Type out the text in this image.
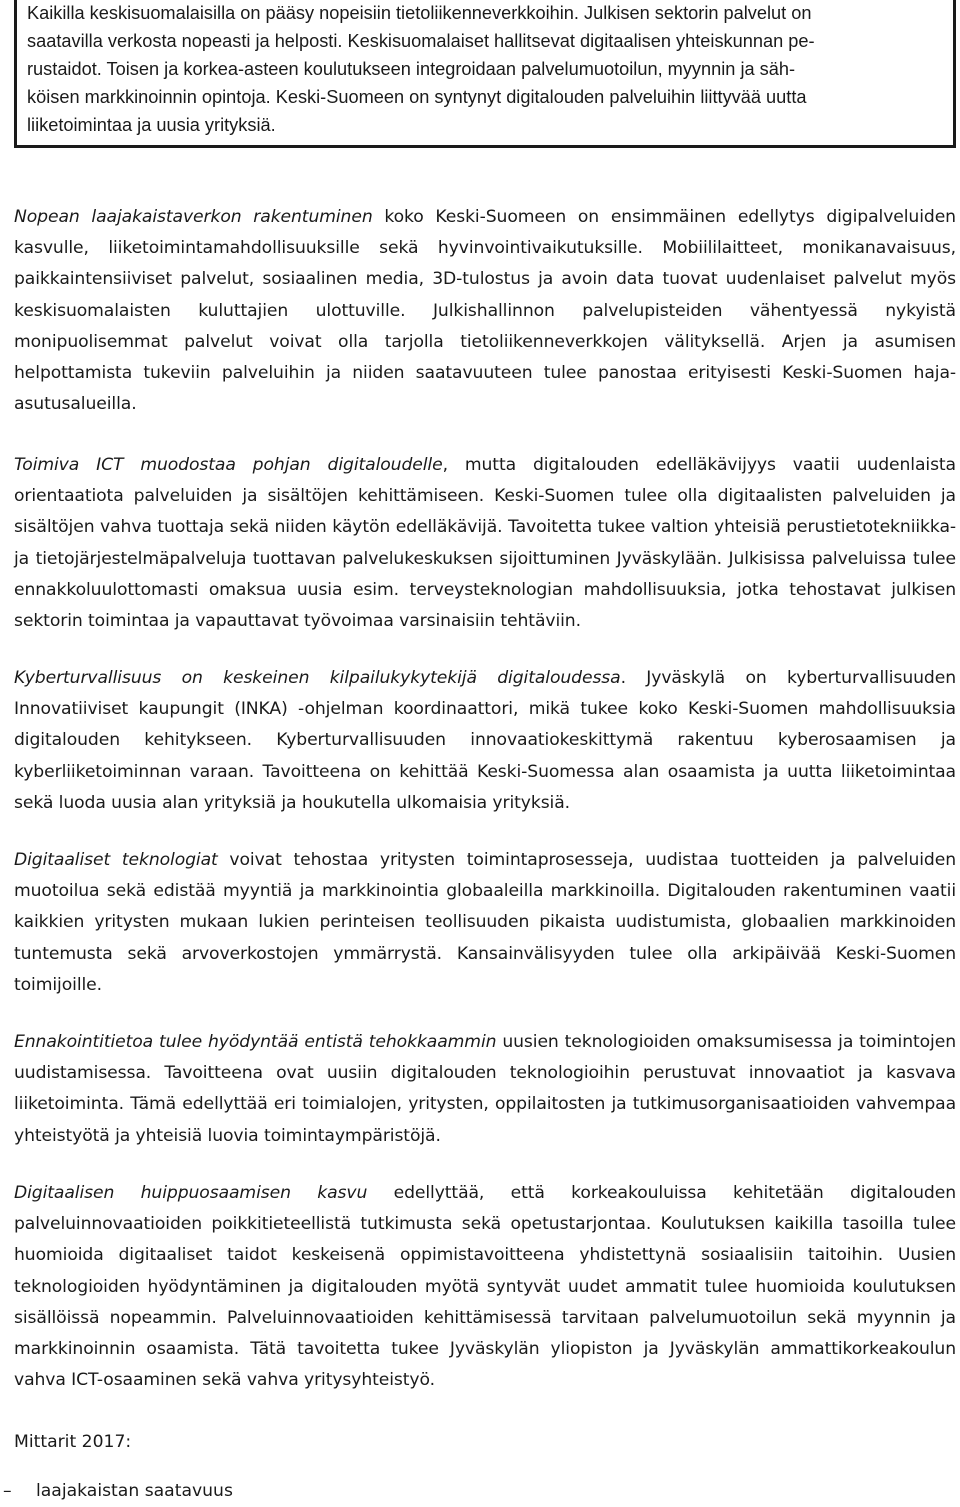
Kaikilla keskisuomalaisilla on pääsy nopeisiin tietoliikenneverkkoihin. Julkisen sektorin palvelut on
saatavilla verkosta nopeasti ja helposti. Keskisuomalaiset hallitsevat digitaalisen yhteiskunnan pe-
rustaidot. Toisen ja korkea-asteen koulutukseen integroidaan palvelumuotoilun, myynnin ja säh-
köisen markkinoinnin opintoja. Keski-Suomeen on syntynyt digitalouden palveluihin liittyvää uutta
liiketoimintaa ja uusia yrityksiä.
Nopean laajakaistaverkon rakentuminen koko Keski-Suomeen on ensimmäinen edellytys digipalveluiden kasvulle, liiketoimintamahdollisuuksille sekä hyvinvointivaikutuksille. Mobiililaitteet, monikanavaisuus, paikkaintensiiviset palvelut, sosiaalinen media, 3D-tulostus ja avoin data tuovat uudenlaiset palvelut myös keskisuomalaisten kuluttajien ulottuville. Julkishallinnon palvelupisteiden vähentyessä nykyistä monipuolisemmat palvelut voivat olla tarjolla tietoliikenneverkkojen välityksellä. Arjen ja asumisen helpottamista tukeviin palveluihin ja niiden saatavuuteen tulee panostaa erityisesti Keski-Suomen haja-asutusalueilla.
Toimiva ICT muodostaa pohjan digitaloudelle, mutta digitalouden edelläkävijyys vaatii uudenlaista orientaatiota palveluiden ja sisältöjen kehittämiseen. Keski-Suomen tulee olla digitaalisten palveluiden ja sisältöjen vahva tuottaja sekä niiden käytön edelläkävijä. Tavoitetta tukee valtion yhteisiä perustietotekniikka- ja tietojärjestelmäpalveluja tuottavan palvelukeskuksen sijoittuminen Jyväskylään. Julkisissa palveluissa tulee ennakkoluulottomasti omaksua uusia esim. terveysteknologian mahdollisuuksia, jotka tehostavat julkisen sektorin toimintaa ja vapauttavat työvoimaa varsinaisiin tehtäviin.
Kyberturvallisuus on keskeinen kilpailukykytekijä digitaloudessa. Jyväskylä on kyberturvallisuuden Innovatiiviset kaupungit (INKA) -ohjelman koordinaattori, mikä tukee koko Keski-Suomen mahdollisuuksia digitalouden kehitykseen. Kyberturvallisuuden innovaatiokeskittymä rakentuu kyberosaamisen ja kyberliiketoiminnan varaan. Tavoitteena on kehittää Keski-Suomessa alan osaamista ja uutta liiketoimintaa sekä luoda uusia alan yrityksiä ja houkutella ulkomaisia yrityksiä.
Digitaaliset teknologiat voivat tehostaa yritysten toimintaprosesseja, uudistaa tuotteiden ja palveluiden muotoilua sekä edistää myyntiä ja markkinointia globaaleilla markkinoilla. Digitalouden rakentuminen vaatii kaikkien yritysten mukaan lukien perinteisen teollisuuden pikaista uudistumista, globaalien markkinoiden tuntemusta sekä arvoverkostojen ymmärrystä. Kansainvälisyyden tulee olla arkipäivää Keski-Suomen toimijoille.
Ennakointitietoa tulee hyödyntää entistä tehokkaammin uusien teknologioiden omaksumisessa ja toimintojen uudistamisessa. Tavoitteena ovat uusiin digitalouden teknologioihin perustuvat innovaatiot ja kasvava liiketoiminta. Tämä edellyttää eri toimialojen, yritysten, oppilaitosten ja tutkimusorganisaatioiden vahvempaa yhteistyötä ja yhteisiä luovia toimintaympäristöjä.
Digitaalisen huippuosaamisen kasvu edellyttää, että korkeakouluissa kehitetään digitalouden palveluinnovaatioiden poikkitieteellistä tutkimusta sekä opetustarjontaa. Koulutuksen kaikilla tasoilla tulee huomioida digitaaliset taidot keskeisenä oppimistavoitteena yhdistettynä sosiaalisiin taitoihin. Uusien teknologioiden hyödyntäminen ja digitalouden myötä syntyvät uudet ammatit tulee huomioida koulutuksen sisällöissä nopeammin. Palveluinnovaatioiden kehittämisessä tarvitaan palvelumuotoilun sekä myynnin ja markkinoinnin osaamista. Tätä tavoitetta tukee Jyväskylän yliopiston ja Jyväskylän ammattikorkeakoulun vahva ICT-osaaminen sekä vahva yritysyhteistyö.
Mittarit 2017:
– laajakaistan saatavuus
